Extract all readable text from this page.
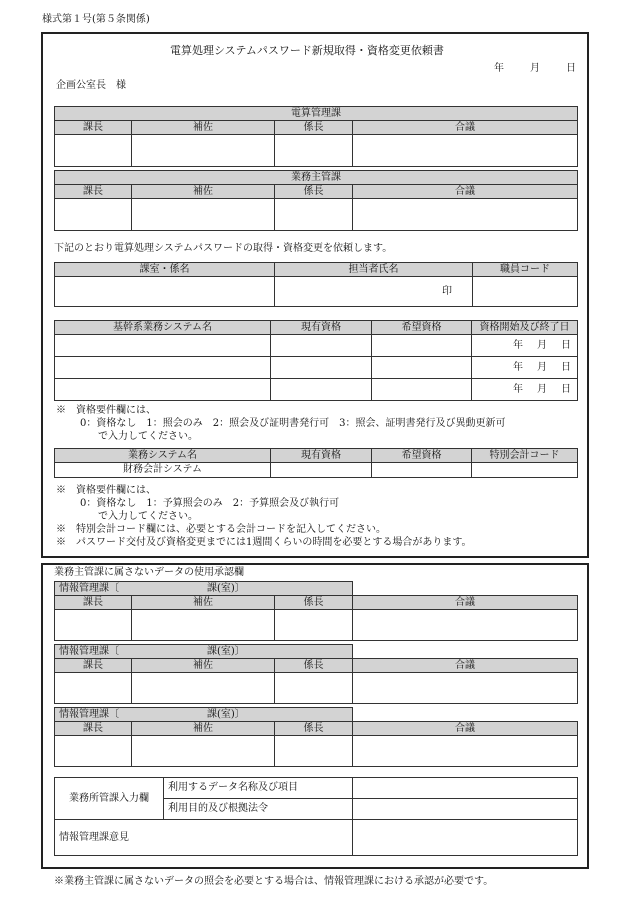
様式第１号(第５条関係)
電算処理システムパスワード新規取得・資格変更依頼書
年	月	日
企画公室長　様
電算管理課			
課長	補佐	係長	合議

業務主管課			
課長	補佐	係長	合議

下記のとおり電算処理システムパスワードの取得・資格変更を依頼します。
課室・係名	担当者氏名	職員コード
	印	
基幹系業務システム名	現有資格	希望資格	資格開始及び終了日

			年 月 日

			年 月 日

			年 月 日
※　資格要件欄には、
0：資格なし　1：照会のみ　2：照会及び証明書発行可　3：照会、証明書発行及び異動更新可
で入力してください。
業務システム名	現有資格	希望資格	特別会計コード
財務会計システム			
※　資格要件欄には、
0：資格なし　1：予算照会のみ　2：予算照会及び執行可
で入力してください。
※　特別会計コード欄には、必要とする会計コードを記入してください。
※　パスワード交付及び資格変更までには1週間くらいの時間を必要とする場合があります。
業務主管課に属さないデータの使用承認欄
情報管理課〔 課(室)〕			
課長	補佐	係長	合議

情報管理課〔 課(室)〕			
課長	補佐	係長	合議

情報管理課〔 課(室)〕			
課長	補佐	係長	合議

業務所管課入力欄	利用するデータ名称及び項目	
	利用目的及び根拠法令	
情報管理課意見		
※業務主管課に属さないデータの照会を必要とする場合は、情報管理課における承認が必要です。
